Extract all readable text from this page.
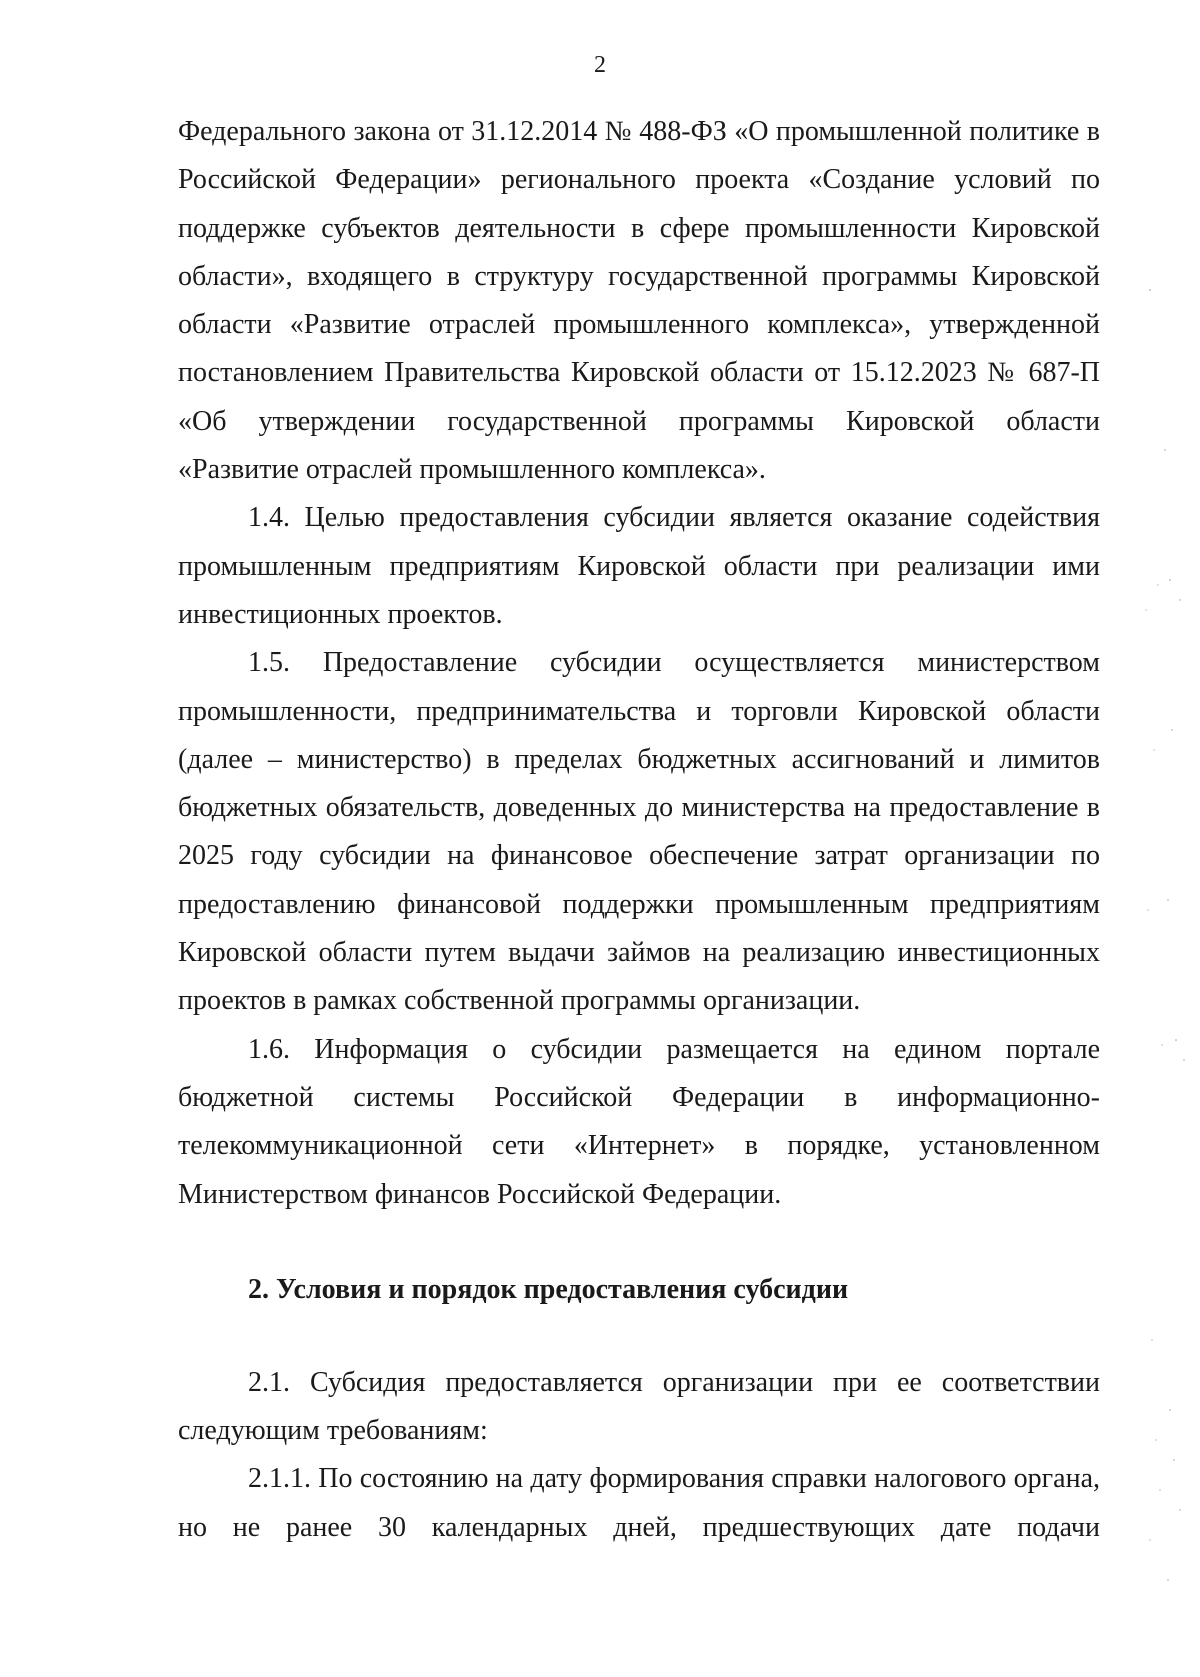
2

Федерального закона от 31.12.2014 № 488-ФЗ «О промышленной политике в Российской Федерации» регионального проекта «Создание условий по поддержке субъектов деятельности в сфере промышленности Кировской области», входящего в структуру государственной программы Кировской области «Развитие отраслей промышленного комплекса», утвержденной постановлением Правительства Кировской области от 15.12.2023 № 687-П «Об утверждении государственной программы Кировской области «Развитие отраслей промышленного комплекса».

1.4. Целью предоставления субсидии является оказание содействия промышленным предприятиям Кировской области при реализации ими инвестиционных проектов.

1.5. Предоставление субсидии осуществляется министерством промышленности, предпринимательства и торговли Кировской области (далее – министерство) в пределах бюджетных ассигнований и лимитов бюджетных обязательств, доведенных до министерства на предоставление в 2025 году субсидии на финансовое обеспечение затрат организации по предоставлению финансовой поддержки промышленным предприятиям Кировской области путем выдачи займов на реализацию инвестиционных проектов в рамках собственной программы организации.

1.6. Информация о субсидии размещается на едином портале бюджетной системы Российской Федерации в информационно-телекоммуникационной сети «Интернет» в порядке, установленном Министерством финансов Российской Федерации.

2. Условия и порядок предоставления субсидии

2.1. Субсидия предоставляется организации при ее соответствии следующим требованиям:

2.1.1. По состоянию на дату формирования справки налогового органа, но не ранее 30 календарных дней, предшествующих дате подачи
